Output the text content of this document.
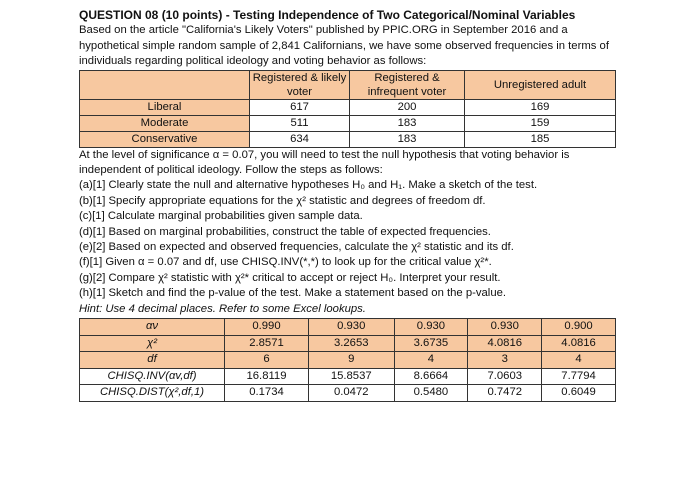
QUESTION 08 (10 points) - Testing Independence of Two Categorical/Nominal Variables
Based on the article "California's Likely Voters" published by PPIC.ORG in September 2016 and a hypothetical simple random sample of 2,841 Californians, we have some observed frequencies in terms of individuals regarding political ideology and voting behavior as follows:
	Registered & likely voter	Registered & infrequent voter	Unregistered adult
Liberal	617	200	169
Moderate	511	183	159
Conservative	634	183	185
At the level of significance α = 0.07, you will need to test the null hypothesis that voting behavior is independent of political ideology. Follow the steps as follows:
(a)[1] Clearly state the null and alternative hypotheses H₀ and H₁. Make a sketch of the test.
(b)[1] Specify appropriate equations for the χ² statistic and degrees of freedom df.
(c)[1] Calculate marginal probabilities given sample data.
(d)[1] Based on marginal probabilities, construct the table of expected frequencies.
(e)[2] Based on expected and observed frequencies, calculate the χ² statistic and its df.
(f)[1] Given α = 0.07 and df, use CHISQ.INV(*,*) to look up for the critical value χ²*.
(g)[2] Compare χ² statistic with χ²* critical to accept or reject H₀. Interpret your result.
(h)[1] Sketch and find the p-value of the test. Make a statement based on the p-value.
Hint: Use 4 decimal places. Refer to some Excel lookups.
αν	0.990	0.930	0.930	0.930	0.900
χ²	2.8571	3.2653	3.6735	4.0816	4.0816
df	6	9	4	3	4
CHISQ.INV(αv,df)	16.8119	15.8537	8.6664	7.0603	7.7794
CHISQ.DIST(χ²,df,1)	0.1734	0.0472	0.5480	0.7472	0.6049
